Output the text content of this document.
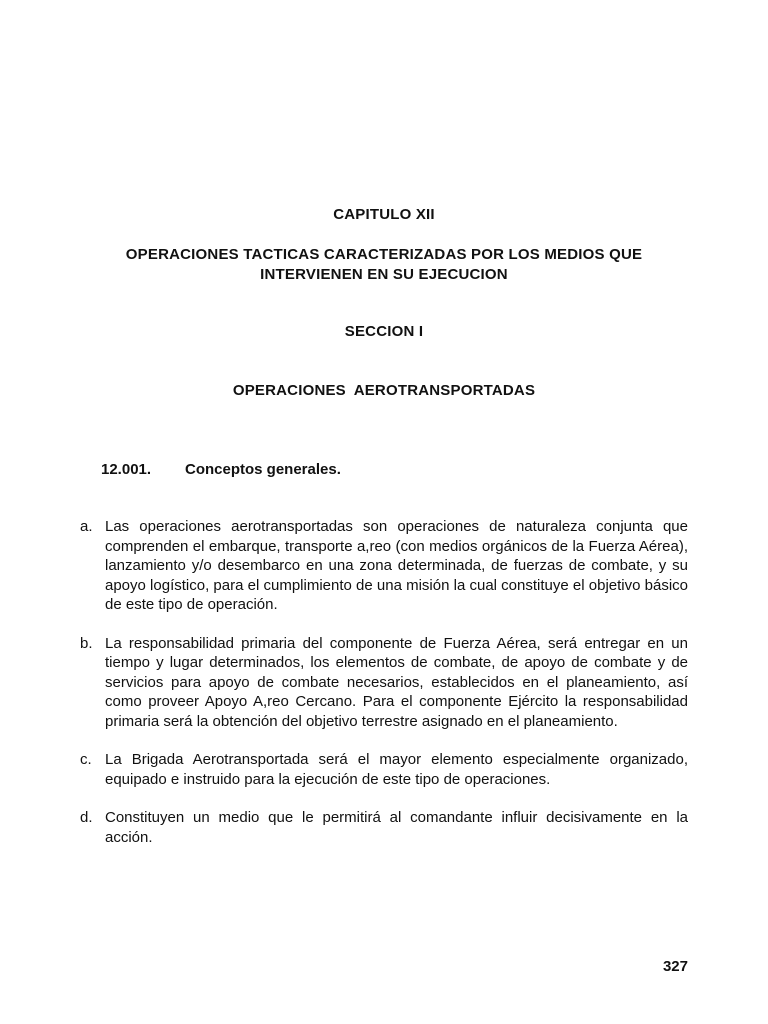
CAPITULO XII
OPERACIONES TACTICAS CARACTERIZADAS POR LOS MEDIOS QUE INTERVIENEN EN SU EJECUCION
SECCION I
OPERACIONES AEROTRANSPORTADAS
12.001. Conceptos generales.
a. Las operaciones aerotransportadas son operaciones de naturaleza conjunta que comprenden el embarque, transporte a,reo (con medios orgánicos de la Fuerza Aérea), lanzamiento y/o desembarco en una zona determinada, de fuerzas de combate, y su apoyo logístico, para el cumplimiento de una misión la cual constituye el objetivo básico de este tipo de operación.
b. La responsabilidad primaria del componente de Fuerza Aérea, será entregar en un tiempo y lugar determinados, los elementos de combate, de apoyo de combate y de servicios para apoyo de combate necesarios, establecidos en el planeamiento, así como proveer Apoyo A,reo Cercano. Para el componente Ejército la responsabilidad primaria será la obtención del objetivo terrestre asignado en el planeamiento.
c. La Brigada Aerotransportada será el mayor elemento especialmente organizado, equipado e instruido para la ejecución de este tipo de operaciones.
d. Constituyen un medio que le permitirá al comandante influir decisivamente en la acción.
327
